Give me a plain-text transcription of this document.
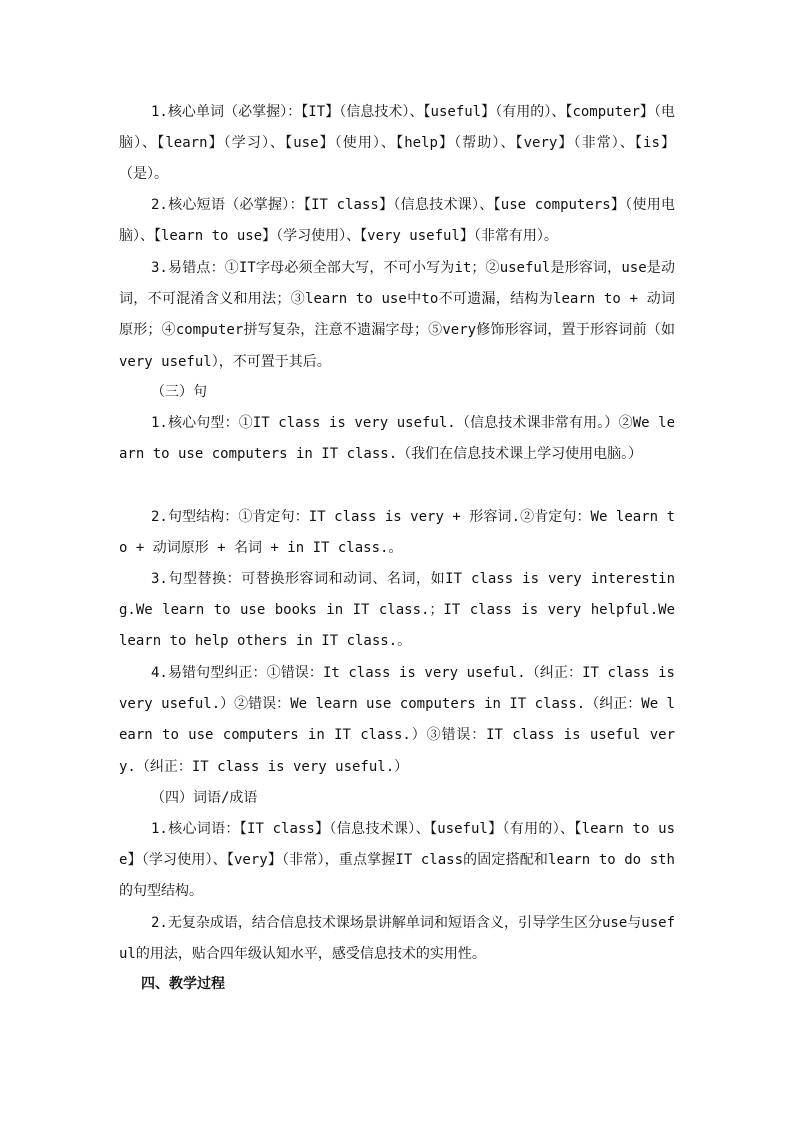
1.核心单词（必掌握）：【IT】（信息技术）、【useful】（有用的）、【computer】（电脑）、【learn】（学习）、【use】（使用）、【help】（帮助）、【very】（非常）、【is】（是）。

2.核心短语（必掌握）：【IT class】（信息技术课）、【use computers】（使用电脑）、【learn to use】（学习使用）、【very useful】（非常有用）。

3.易错点：①IT字母必须全部大写，不可小写为it；②useful是形容词，use是动词，不可混淆含义和用法；③learn to use中to不可遗漏，结构为learn to + 动词原形；④computer拼写复杂，注意不遗漏字母；⑤very修饰形容词，置于形容词前（如very useful），不可置于其后。

（三）句

1.核心句型：①IT class is very useful.（信息技术课非常有用。）②We learn to use computers in IT class.（我们在信息技术课上学习使用电脑。）

2.句型结构：①肯定句：IT class is very + 形容词.②肯定句：We learn to + 动词原形 + 名词 + in IT class.。

3.句型替换：可替换形容词和动词、名词，如IT class is very interesting.We learn to use books in IT class.；IT class is very helpful.We learn to help others in IT class.。

4.易错句型纠正：①错误：It class is very useful.（纠正：IT class is very useful.）②错误：We learn use computers in IT class.（纠正：We learn to use computers in IT class.）③错误：IT class is useful very.（纠正：IT class is very useful.）

（四）词语/成语

1.核心词语：【IT class】（信息技术课）、【useful】（有用的）、【learn to use】（学习使用）、【very】（非常），重点掌握IT class的固定搭配和learn to do sth的句型结构。

2.无复杂成语，结合信息技术课场景讲解单词和短语含义，引导学生区分use与useful的用法，贴合四年级认知水平，感受信息技术的实用性。

四、教学过程
